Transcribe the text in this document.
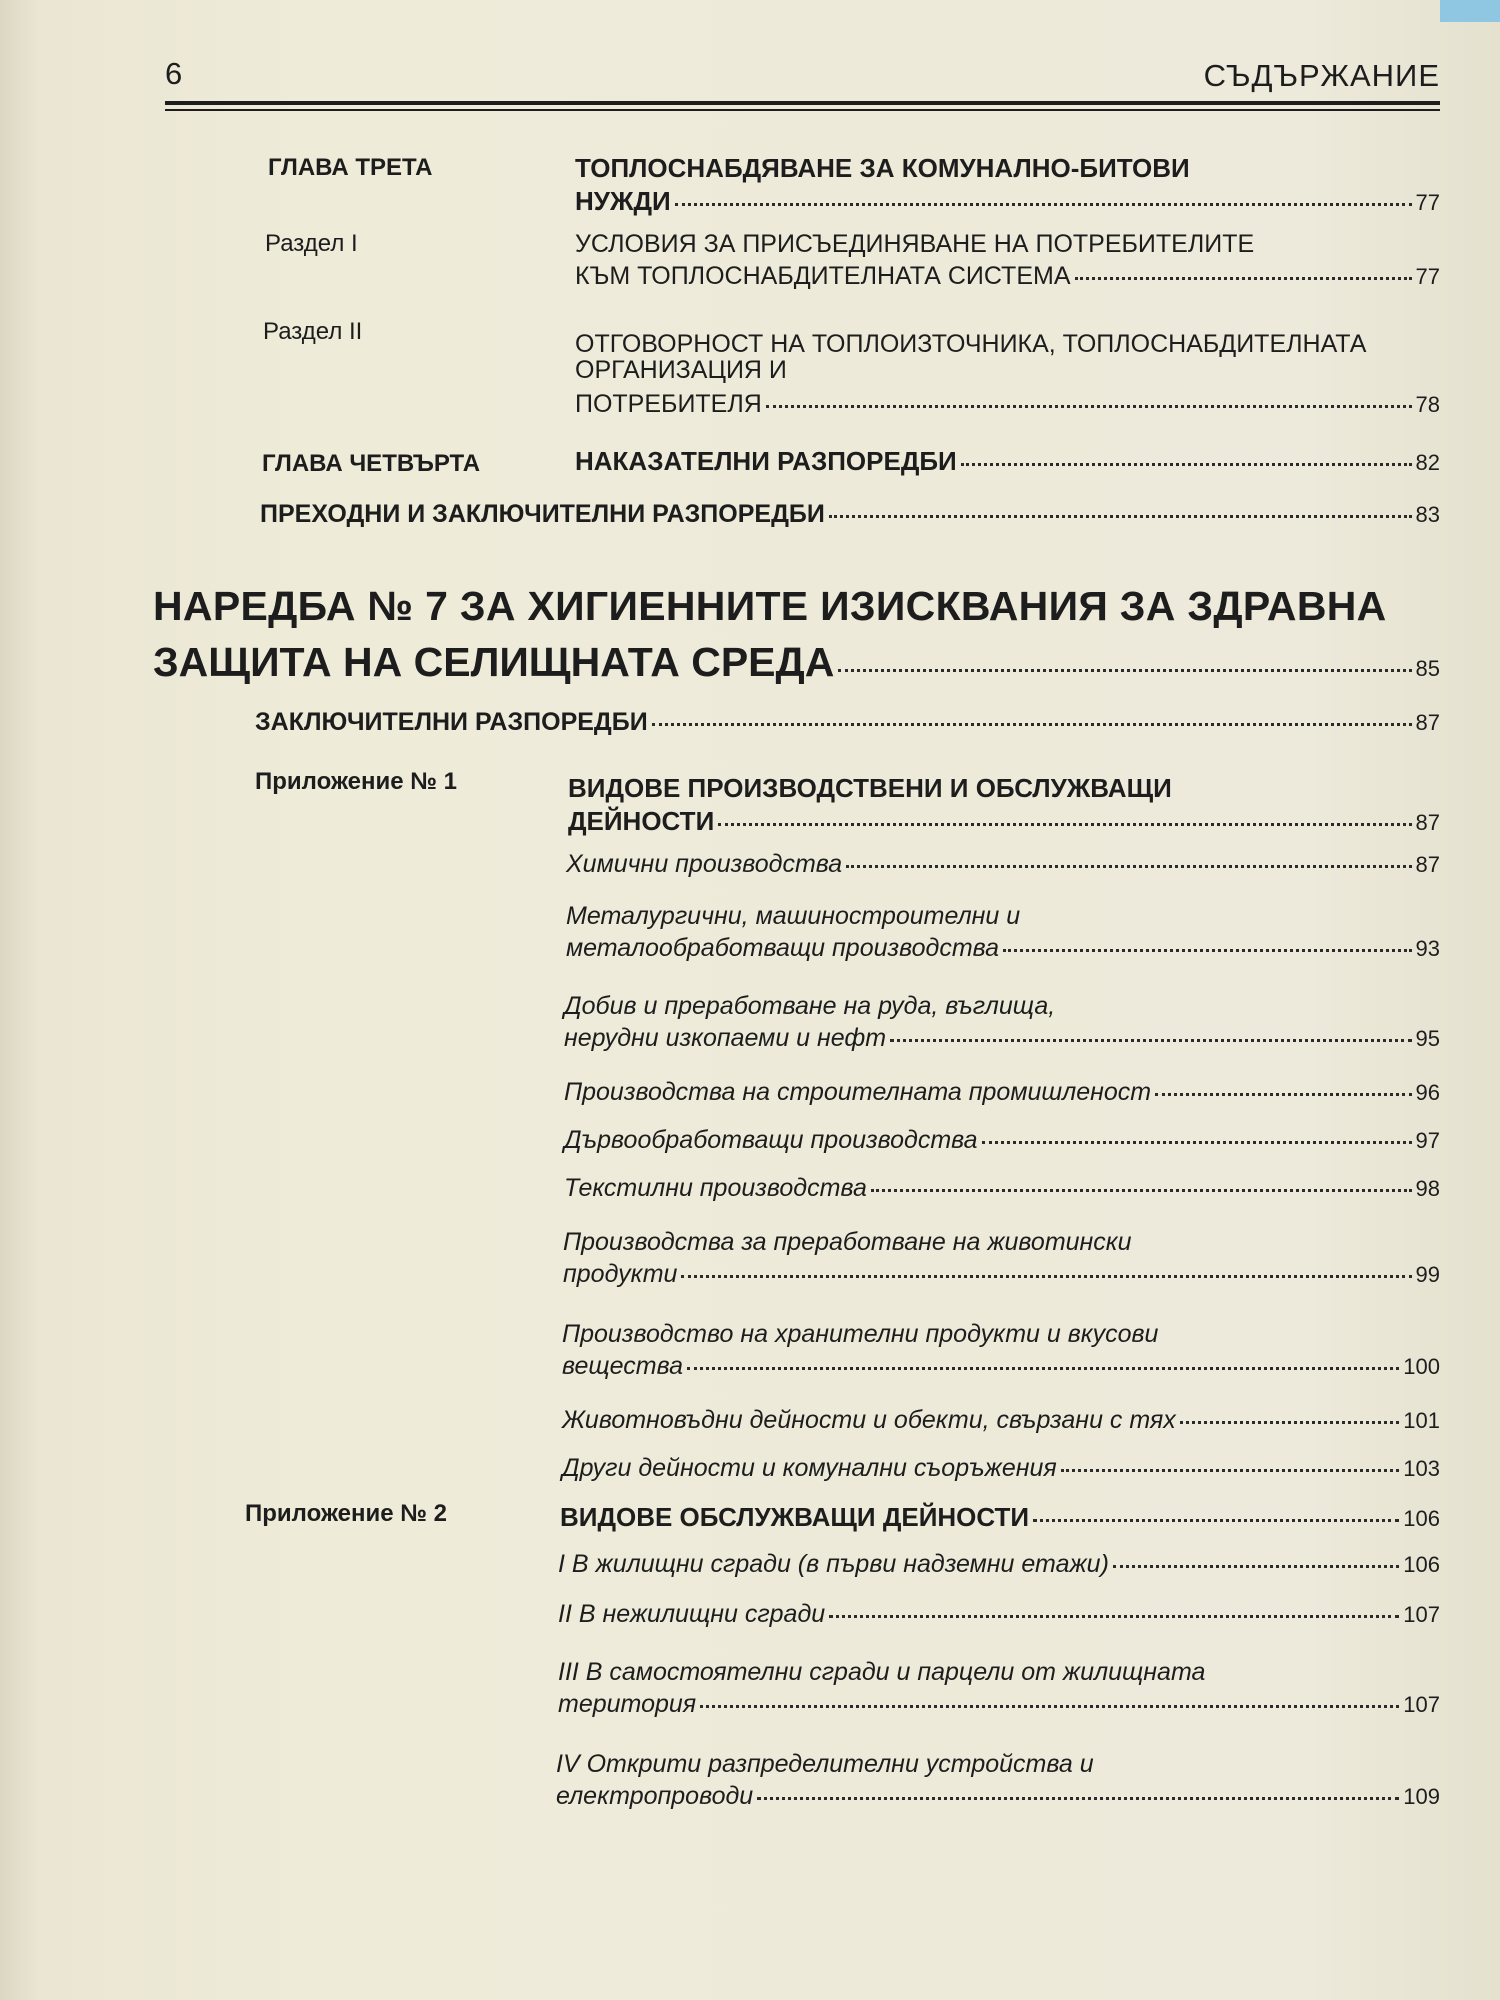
6	СЪДЪРЖАНИЕ
ГЛАВА ТРЕТА	ТОПЛОСНАБДЯВАНЕ ЗА КОМУНАЛНО-БИТОВИ
НУЖДИ	77
Раздел I	УСЛОВИЯ ЗА ПРИСЪЕДИНЯВАНЕ НА ПОТРЕБИТЕЛИТЕ
КЪМ ТОПЛОСНАБДИТЕЛНАТА СИСТЕМА	77
Раздел II	ОТГОВОРНОСТ НА ТОПЛОИЗТОЧНИКА, ТОПЛОСНАБДИТЕЛНАТА
ОРГАНИЗАЦИЯ И
ПОТРЕБИТЕЛЯ	78
ГЛАВА ЧЕТВЪРТА	НАКАЗАТЕЛНИ РАЗПОРЕДБИ	82
ПРЕХОДНИ И ЗАКЛЮЧИТЕЛНИ РАЗПОРЕДБИ	83
НАРЕДБА № 7 ЗА ХИГИЕННИТЕ ИЗИСКВАНИЯ ЗА ЗДРАВНА
ЗАЩИТА НА СЕЛИЩНАТА СРЕДА	85
ЗАКЛЮЧИТЕЛНИ РАЗПОРЕДБИ	87
Приложение № 1	ВИДОВЕ ПРОИЗВОДСТВЕНИ И ОБСЛУЖВАЩИ
ДЕЙНОСТИ	87
Химични производства	87
Металургични, машиностроителни и
металообработващи производства	93
Добив и преработване на руда, въглища,
нерудни изкопаеми и нефт	95
Производства на строителната промишленост	96
Дървообработващи производства	97
Текстилни производства	98
Производства за преработване на животински
продукти	99
Производство на хранителни продукти и вкусови
вещества	100
Животновъдни дейности и обекти, свързани с тях	101
Други дейности и комунални съоръжения	103
Приложение № 2	ВИДОВЕ ОБСЛУЖВАЩИ ДЕЙНОСТИ	106
I В жилищни сгради (в първи надземни етажи)	106
II В нежилищни сгради	107
III В самостоятелни сгради и парцели от жилищната
територия	107
IV Открити разпределителни устройства и
електропроводи	109
